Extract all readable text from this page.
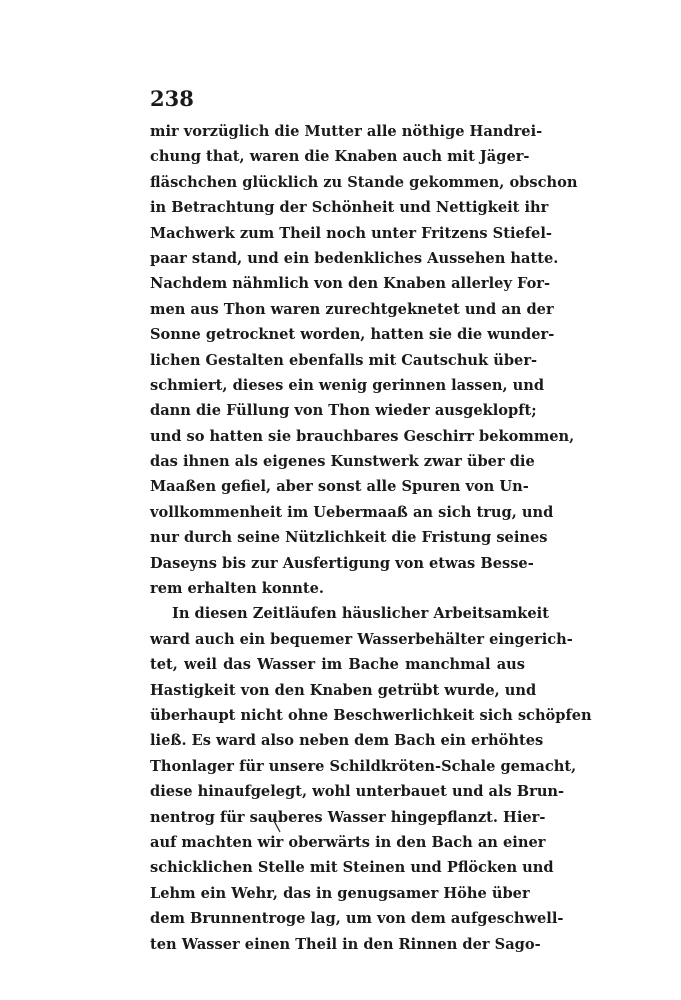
238
mir vorzüglich die Mutter alle nöthige Handrei-
chung that, waren die Knaben auch mit Jäger-
fläschchen glücklich zu Stande gekommen, obschon
in Betrachtung der Schönheit und Nettigkeit ihr
Machwerk zum Theil noch unter Fritzens Stiefel-
paar stand, und ein bedenkliches Aussehen hatte.
Nachdem nähmlich von den Knaben allerley For-
men aus Thon waren zurechtgeknetet und an der
Sonne getrocknet worden, hatten sie die wunder-
lichen Gestalten ebenfalls mit Cautschuk über-
schmiert, dieses ein wenig gerinnen lassen, und
dann die Füllung von Thon wieder ausgeklopft;
und so hatten sie brauchbares Geschirr bekommen,
das ihnen als eigenes Kunstwerk zwar über die
Maaßen gefiel, aber sonst alle Spuren von Un-
vollkommenheit im Uebermaaß an sich trug, und
nur durch seine Nützlichkeit die Fristung seines
Daseyns bis zur Ausfertigung von etwas Besse-
rem erhalten konnte.
In diesen Zeitläufen häuslicher Arbeitsamkeit
ward auch ein bequemer Wasserbehälter eingerich-
tet, weil das Wasser im Bache manchmal aus
Hastigkeit von den Knaben getrübt wurde, und
überhaupt nicht ohne Beschwerlichkeit sich schöpfen
ließ. Es ward also neben dem Bach ein erhöhtes
Thonlager für unsere Schildkröten-Schale gemacht,
diese hinaufgelegt, wohl unterbauet und als Brun-
nentrog für sauberes Wasser hingepflanzt. Hier-
auf machten wir oberwärts in den Bach an einer
schicklichen Stelle mit Steinen und Pflöcken und
Lehm ein Wehr, das in genugsamer Höhe über
dem Brunnentroge lag, um von dem aufgeschwell-
ten Wasser einen Theil in den Rinnen der Sago-
